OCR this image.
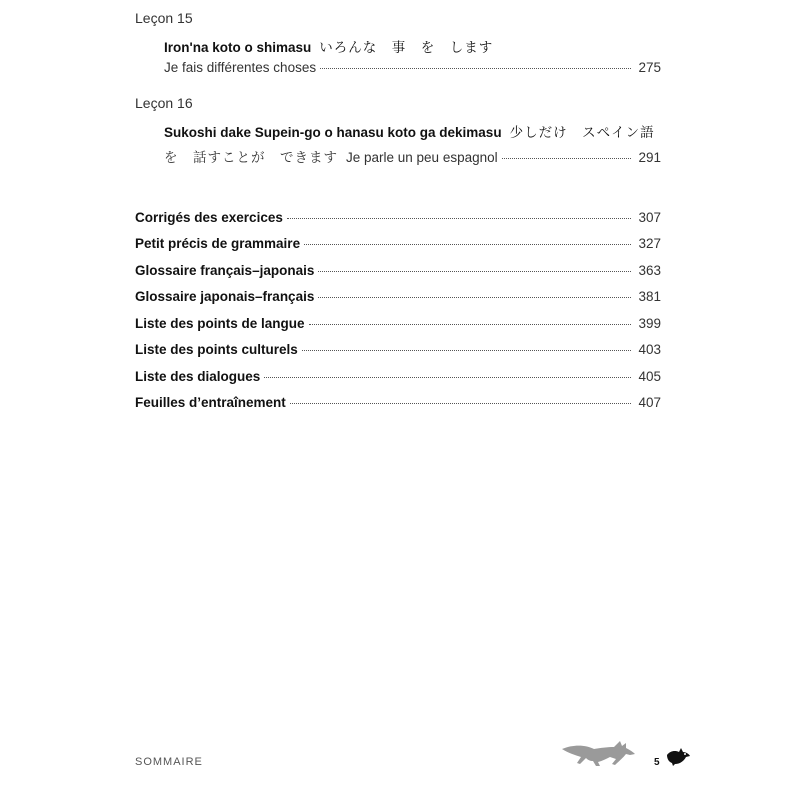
Leçon 15
Iron'na koto o shimasu いろんな　事　を　します
Je fais différentes choses	275
Leçon 16
Sukoshi dake Supein-go o hanasu koto ga dekimasu 少しだけ　スペイン語
を　話すことが　できます Je parle un peu espagnol	291
Corrigés des exercices	307
Petit précis de grammaire	327
Glossaire français–japonais	363
Glossaire japonais–français	381
Liste des points de langue	399
Liste des points culturels	403
Liste des dialogues	405
Feuilles d’entraînement	407
SOMMAIRE	5
